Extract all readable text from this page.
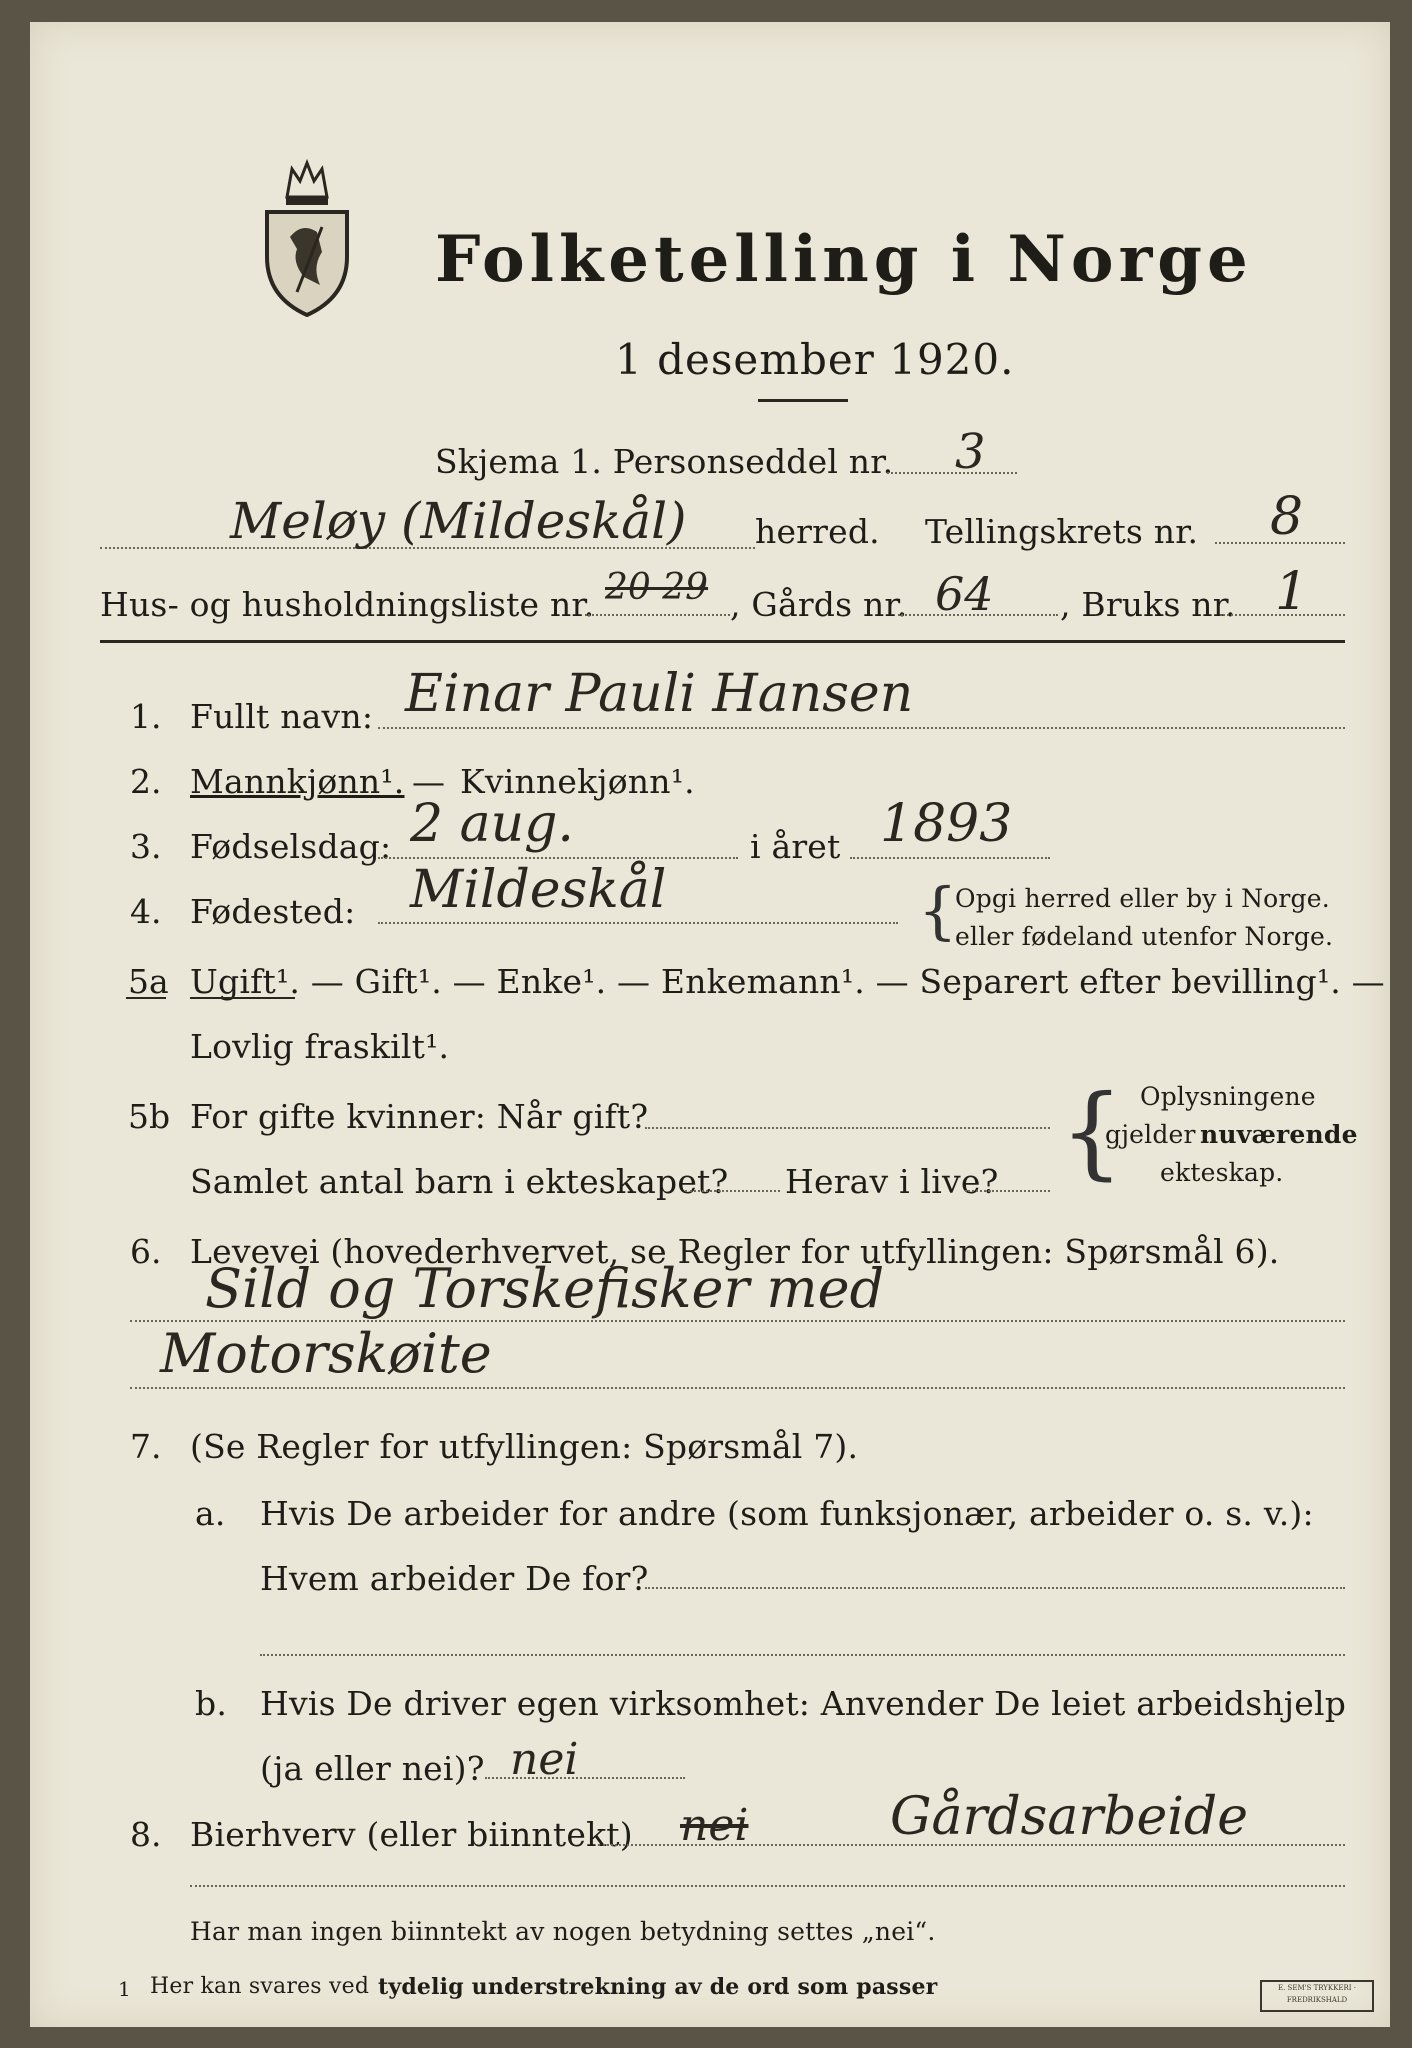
Folketelling i Norge
1 desember 1920.
Skjema 1. Personseddel nr. 3
Meløy (Mildeskål) herred. Tellingskrets nr. 8
Hus- og husholdningsliste nr. 20 29 , Gårds nr. 64 , Bruks nr. 1
1. Fullt navn: Einar Pauli Hansen
2. Mannkjønn¹. — Kvinnekjønn¹.
3. Fødselsdag: 2 aug.	i året 1893
4. Fødested: Mildeskål	{
Opgi herred eller by i Norge.
eller fødeland utenfor Norge.
5a Ugift¹. — Gift¹. — Enke¹. — Enkemann¹. — Separert efter bevilling¹. —
Lovlig fraskilt¹.
5b For gifte kvinner: Når gift?
Samlet antal barn i ekteskapet? Herav i live? { Oplysningene
gjelder nuværende
ekteskap.
6. Levevei (hovederhvervet, se Regler for utfyllingen: Spørsmål 6).
Sild og Torskefisker med
Motorskøite
7. (Se Regler for utfyllingen: Spørsmål 7).
a. Hvis De arbeider for andre (som funksjonær, arbeider o. s. v.):
Hvem arbeider De for?
b. Hvis De driver egen virksomhet: Anvender De leiet arbeidshjelp
(ja eller nei)? nei
8. Bierhverv (eller biinntekt) nei	Gårdsarbeide
Har man ingen biinntekt av nogen betydning settes „nei“.
1 Her kan svares ved tydelig understrekning av de ord som passer	E. SEM'S TRYKKERI · FREDRIKSHALD
